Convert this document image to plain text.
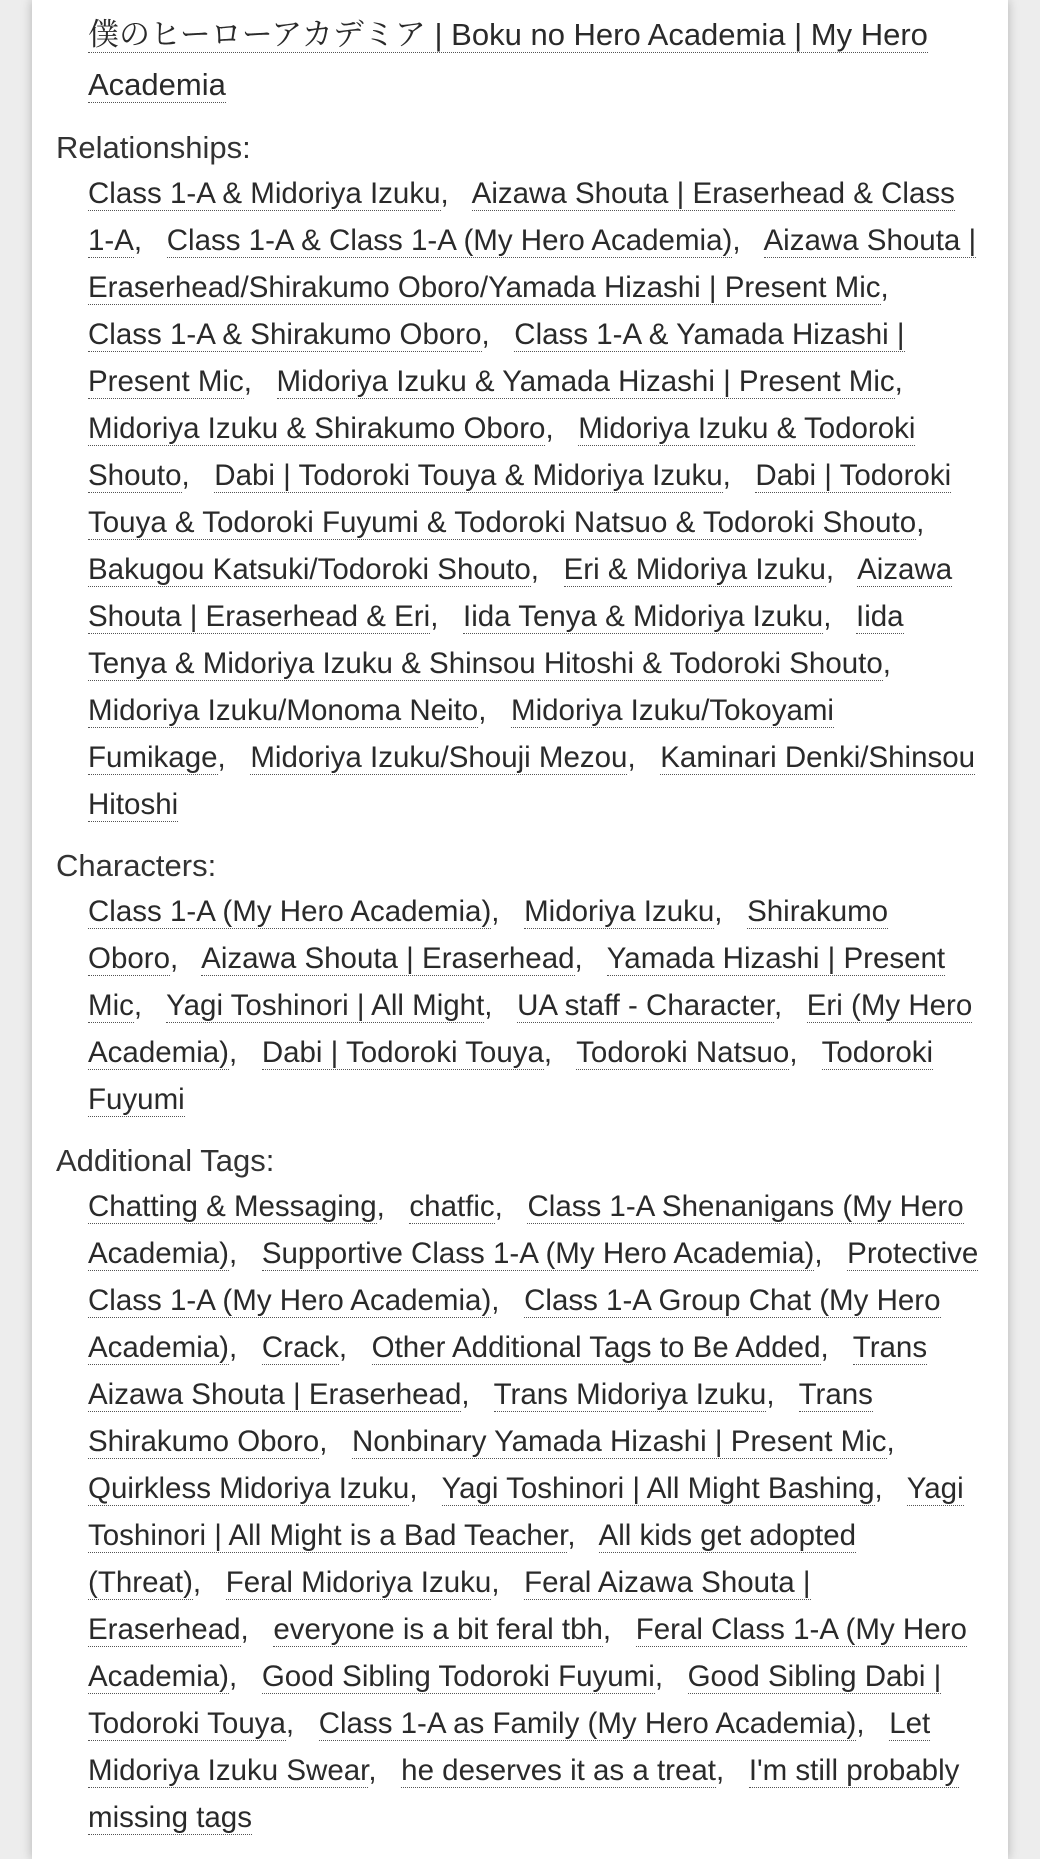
僕のヒーローアカデミア | Boku no Hero Academia | My Hero Academia
Relationships:
Class 1-A & Midoriya Izuku,   Aizawa Shouta | Eraserhead & Class 1-A,   Class 1-A & Class 1-A (My Hero Academia),   Aizawa Shouta | Eraserhead/Shirakumo Oboro/Yamada Hizashi | Present Mic,   Class 1-A & Shirakumo Oboro,   Class 1-A & Yamada Hizashi | Present Mic,   Midoriya Izuku & Yamada Hizashi | Present Mic,   Midoriya Izuku & Shirakumo Oboro,   Midoriya Izuku & Todoroki Shouto,   Dabi | Todoroki Touya & Midoriya Izuku,   Dabi | Todoroki Touya & Todoroki Fuyumi & Todoroki Natsuo & Todoroki Shouto,   Bakugou Katsuki/Todoroki Shouto,   Eri & Midoriya Izuku,   Aizawa Shouta | Eraserhead & Eri,   Iida Tenya & Midoriya Izuku,   Iida Tenya & Midoriya Izuku & Shinsou Hitoshi & Todoroki Shouto,   Midoriya Izuku/Monoma Neito,   Midoriya Izuku/Tokoyami Fumikage,   Midoriya Izuku/Shouji Mezou,   Kaminari Denki/Shinsou Hitoshi
Characters:
Class 1-A (My Hero Academia),   Midoriya Izuku,   Shirakumo Oboro,   Aizawa Shouta | Eraserhead,   Yamada Hizashi | Present Mic,   Yagi Toshinori | All Might,   UA staff - Character,   Eri (My Hero Academia),   Dabi | Todoroki Touya,   Todoroki Natsuo,   Todoroki Fuyumi
Additional Tags:
Chatting & Messaging,   chatfic,   Class 1-A Shenanigans (My Hero Academia),   Supportive Class 1-A (My Hero Academia),   Protective Class 1-A (My Hero Academia),   Class 1-A Group Chat (My Hero Academia),   Crack,   Other Additional Tags to Be Added,   Trans Aizawa Shouta | Eraserhead,   Trans Midoriya Izuku,   Trans Shirakumo Oboro,   Nonbinary Yamada Hizashi | Present Mic,   Quirkless Midoriya Izuku,   Yagi Toshinori | All Might Bashing,   Yagi Toshinori | All Might is a Bad Teacher,   All kids get adopted (Threat),   Feral Midoriya Izuku,   Feral Aizawa Shouta | Eraserhead,   everyone is a bit feral tbh,   Feral Class 1-A (My Hero Academia),   Good Sibling Todoroki Fuyumi,   Good Sibling Dabi | Todoroki Touya,   Class 1-A as Family (My Hero Academia),   Let Midoriya Izuku Swear,   he deserves it as a treat,   I'm still probably missing tags
